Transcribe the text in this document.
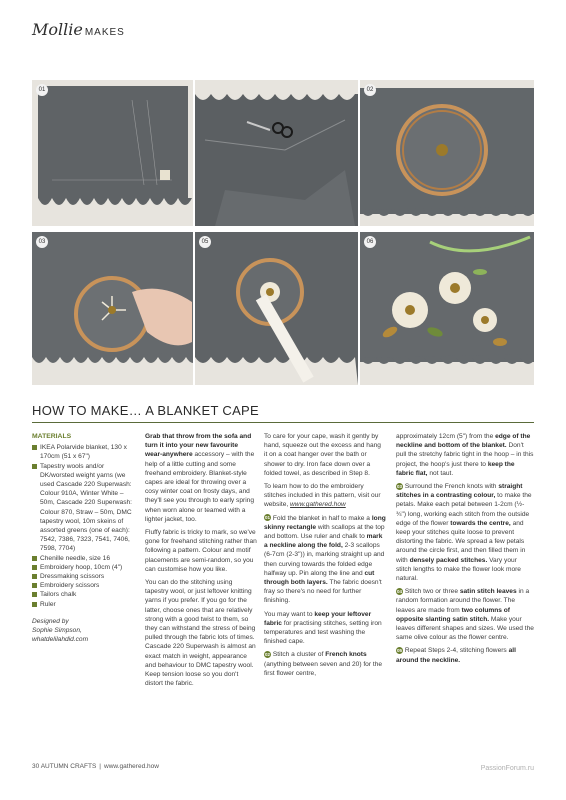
Mollie MAKES
01	02
03	05	06
HOW TO MAKE… A BLANKET CAPE
MATERIALS
IKEA Polarvide blanket, 130 x 170cm (51 x 67")
Tapestry wools and/or DK/worsted weight yarns (we used Cascade 220 Superwash: Colour 910A, Winter White – 50m, Cascade 220 Superwash: Colour 870, Straw – 50m, DMC tapestry wool, 10m skeins of assorted greens (one of each): 7542, 7386, 7323, 7541, 7406, 7598, 7704)
Chenille needle, size 16
Embroidery hoop, 10cm (4")
Dressmaking scissors
Embroidery scissors
Tailors chalk
Ruler
Designed by
Sophie Simpson,
whatdelilahdid.com

Grab that throw from the sofa and turn it into your new favourite wear-anywhere accessory – with the help of a little cutting and some freehand embroidery. Blanket-style capes are ideal for throwing over a cosy winter coat on frosty days, and they'll see you through to early spring when worn alone or teamed with a lighter jacket, too.

Fluffy fabric is tricky to mark, so we've gone for freehand stitching rather than following a pattern. Colour and motif placements are semi-random, so you can customise how you like.

You can do the stitching using tapestry wool, or just leftover knitting yarns if you prefer. If you go for the latter, choose ones that are relatively strong with a good twist to them, so they can withstand the stress of being pulled through the fabric lots of times. Cascade 220 Superwash is almost an exact match in weight, appearance and behaviour to DMC tapestry wool. Keep tension loose so you don't distort the fabric.

To care for your cape, wash it gently by hand, squeeze out the excess and hang it on a coat hanger over the bath or shower to dry. Iron face down over a folded towel, as described in Step 8.

To learn how to do the embroidery stitches included in this pattern, visit our website, www.gathered.how

01 Fold the blanket in half to make a long skinny rectangle with scallops at the top and bottom. Use ruler and chalk to mark a neckline along the fold, 2-3 scallops (6-7cm (2-3")) in, marking straight up and then curving towards the folded edge halfway up. Pin along the line and cut through both layers. The fabric doesn't fray so there's no need for further finishing.

You may want to keep your leftover fabric for practising stitches, setting iron temperatures and test washing the finished cape.

02 Stitch a cluster of French knots (anything between seven and 20) for the first flower centre,

approximately 12cm (5") from the edge of the neckline and bottom of the blanket. Don't pull the stretchy fabric tight in the hoop – in this project, the hoop's just there to keep the fabric flat, not taut.

03 Surround the French knots with straight stitches in a contrasting colour, to make the petals. Make each petal between 1-2cm (½-¾") long, working each stitch from the outside edge of the flower towards the centre, and keep your stitches quite loose to prevent distorting the fabric. We spread a few petals around the circle first, and then filled them in with densely packed stitches. Vary your stitch lengths to make the flower look more natural.

04 Stitch two or three satin stitch leaves in a random formation around the flower. The leaves are made from two columns of opposite slanting satin stitch. Make your leaves different shapes and sizes. We used the same olive colour as the flower centre.

05 Repeat Steps 2-4, stitching flowers all around the neckline.

30 AUTUMN CRAFTS | www.gathered.how	PassionForum.ru
